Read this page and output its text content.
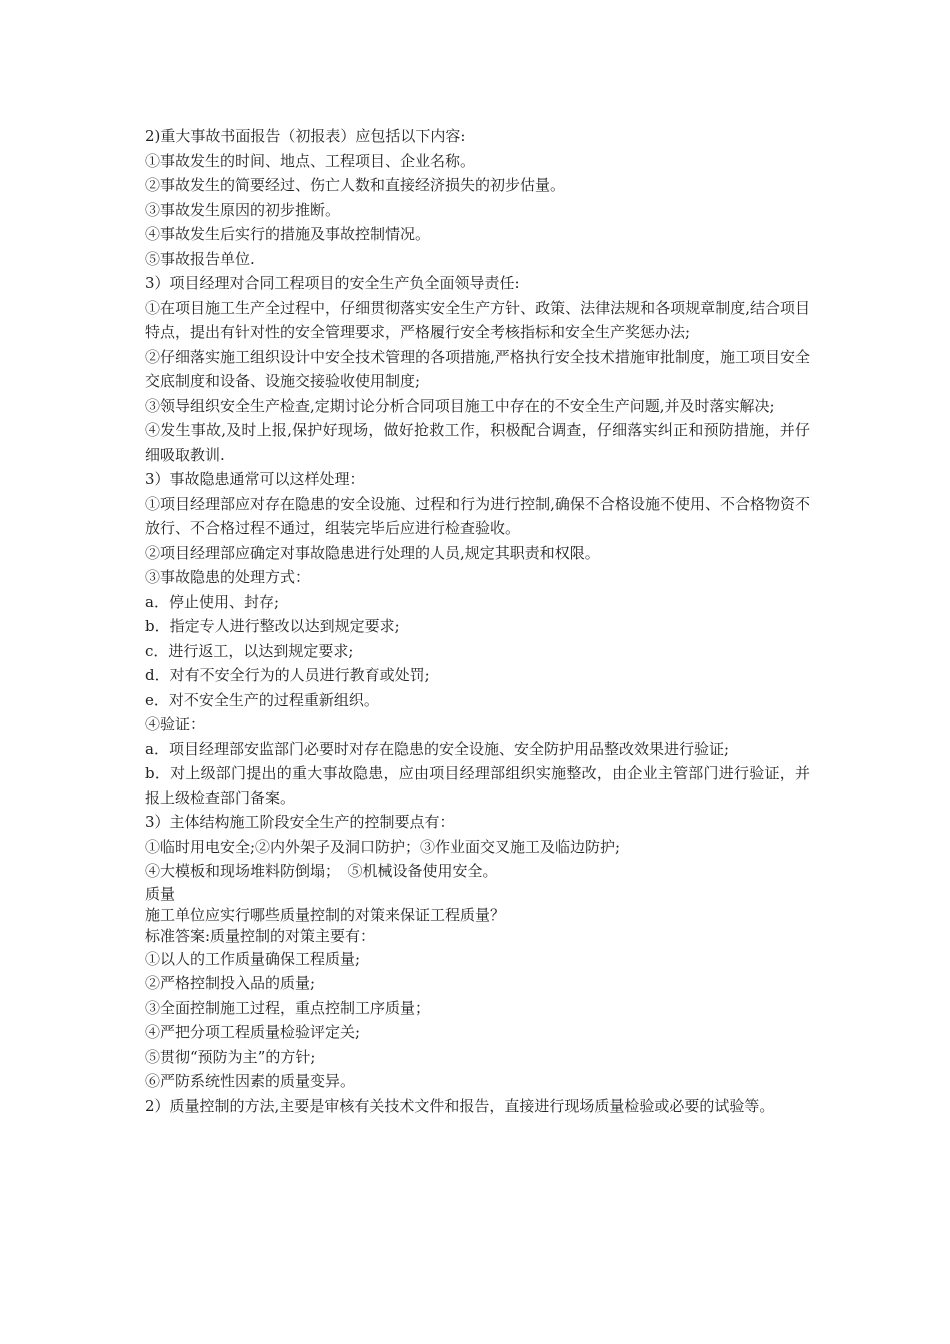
2)重大事故书面报告（初报表）应包括以下内容:

①事故发生的时间、地点、工程项目、企业名称。

②事故发生的简要经过、伤亡人数和直接经济损失的初步估量。

③事故发生原因的初步推断。

④事故发生后实行的措施及事故控制情况。

⑤事故报告单位.

3）项目经理对合同工程项目的安全生产负全面领导责任:

①在项目施工生产全过程中，仔细贯彻落实安全生产方针、政策、法律法规和各项规章制度,结合项目特点，提出有针对性的安全管理要求，严格履行安全考核指标和安全生产奖惩办法;

②仔细落实施工组织设计中安全技术管理的各项措施,严格执行安全技术措施审批制度，施工项目安全交底制度和设备、设施交接验收使用制度;

③领导组织安全生产检查,定期讨论分析合同项目施工中存在的不安全生产问题,并及时落实解决;

④发生事故,及时上报,保护好现场，做好抢救工作，积极配合调查，仔细落实纠正和预防措施，并仔细吸取教训.

3）事故隐患通常可以这样处理：

①项目经理部应对存在隐患的安全设施、过程和行为进行控制,确保不合格设施不使用、不合格物资不放行、不合格过程不通过，组装完毕后应进行检查验收。

②项目经理部应确定对事故隐患进行处理的人员,规定其职责和权限。

③事故隐患的处理方式：

a．停止使用、封存;

b．指定专人进行整改以达到规定要求;

c．进行返工，以达到规定要求;

d．对有不安全行为的人员进行教育或处罚;

e．对不安全生产的过程重新组织。

④验证：

a．项目经理部安监部门必要时对存在隐患的安全设施、安全防护用品整改效果进行验证;

b．对上级部门提出的重大事故隐患，应由项目经理部组织实施整改，由企业主管部门进行验证，并报上级检查部门备案。

3）主体结构施工阶段安全生产的控制要点有：

①临时用电安全;②内外架子及洞口防护；③作业面交叉施工及临边防护;

④大模板和现场堆料防倒塌；　⑤机械设备使用安全。

质量

施工单位应实行哪些质量控制的对策来保证工程质量？

标准答案:质量控制的对策主要有：

①以人的工作质量确保工程质量;

②严格控制投入品的质量;

③全面控制施工过程，重点控制工序质量；

④严把分项工程质量检验评定关;

⑤贯彻“预防为主”的方针;

⑥严防系统性因素的质量变异。

2）质量控制的方法,主要是审核有关技术文件和报告，直接进行现场质量检验或必要的试验等。
